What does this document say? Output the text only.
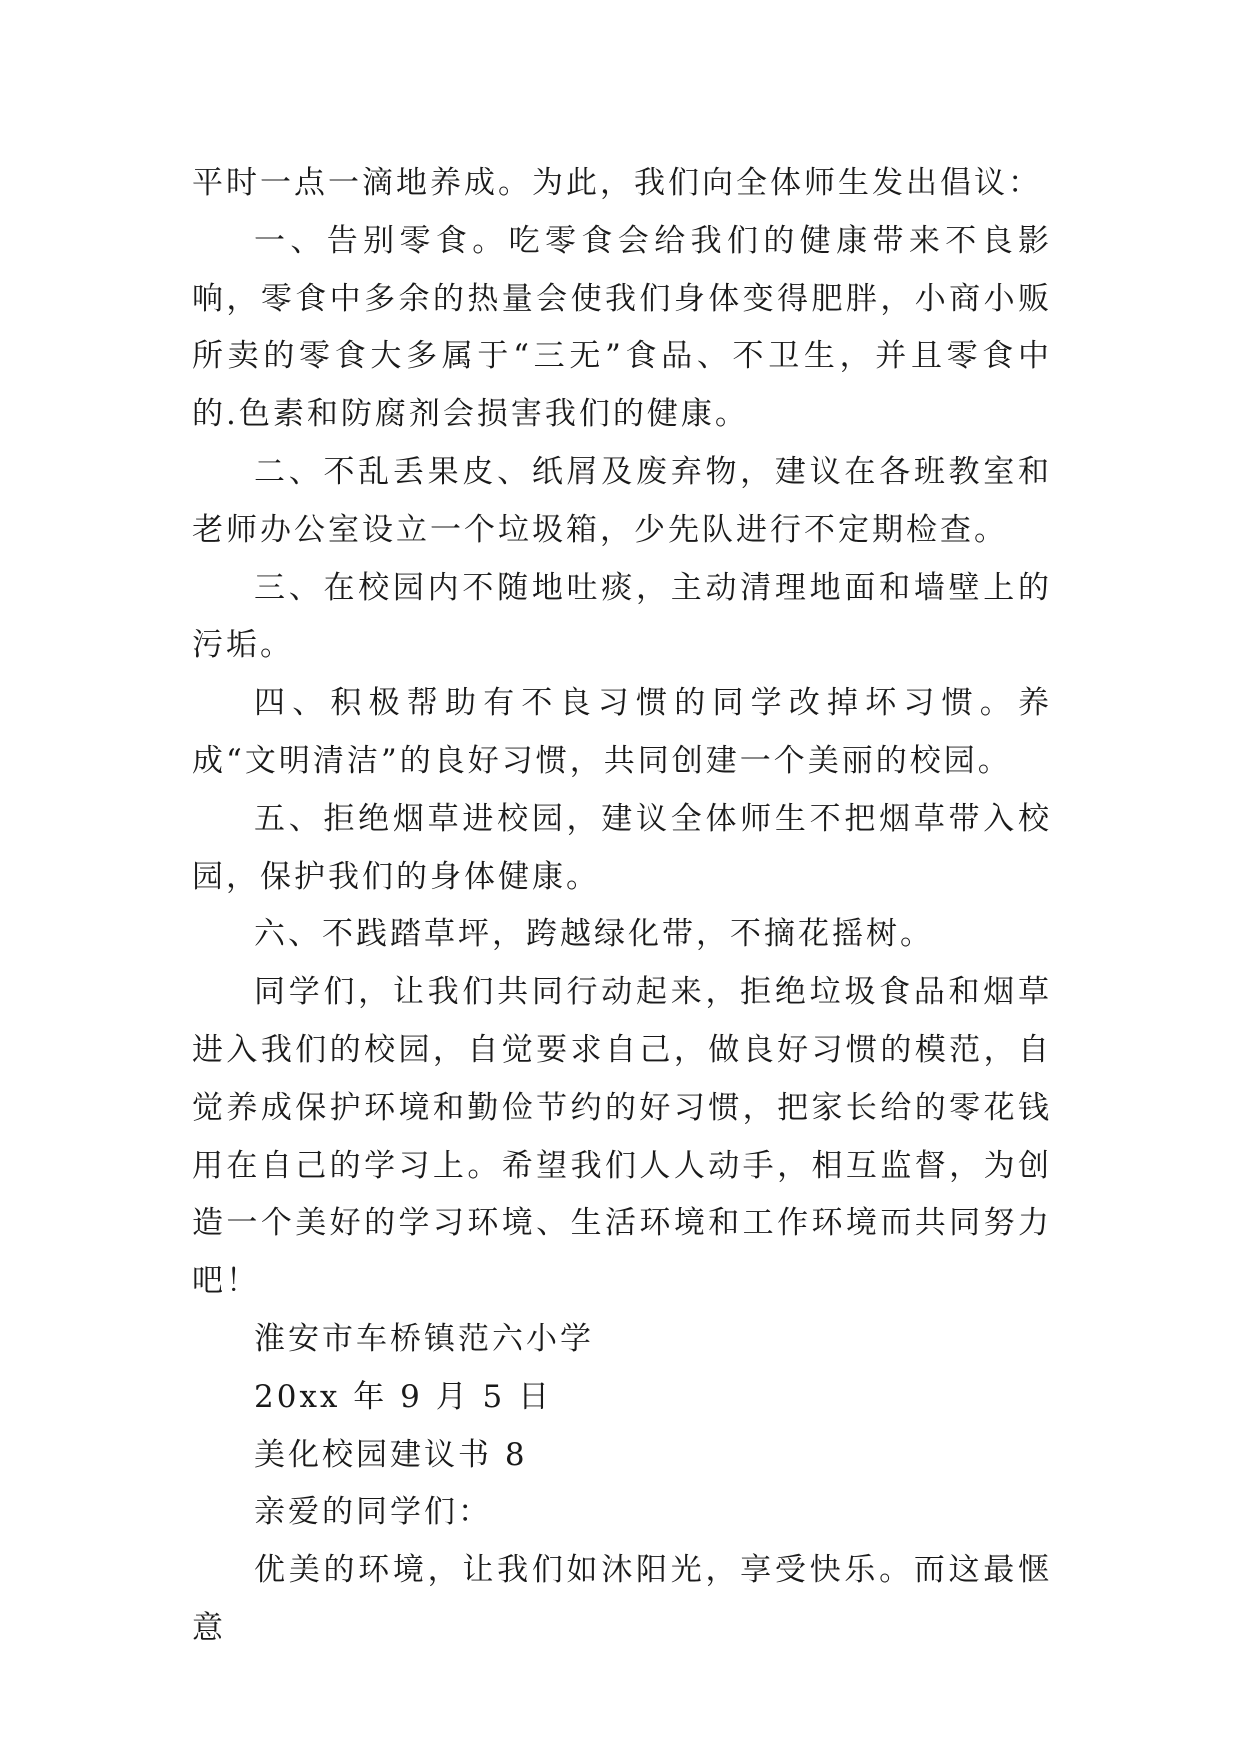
平时一点一滴地养成。为此，我们向全体师生发出倡议：

一、告别零食。吃零食会给我们的健康带来不良影响，零食中多余的热量会使我们身体变得肥胖，小商小贩所卖的零食大多属于“三无”食品、不卫生，并且零食中的.色素和防腐剂会损害我们的健康。

二、不乱丢果皮、纸屑及废弃物，建议在各班教室和老师办公室设立一个垃圾箱，少先队进行不定期检查。

三、在校园内不随地吐痰，主动清理地面和墙壁上的污垢。

四、积极帮助有不良习惯的同学改掉坏习惯。养成“文明清洁”的良好习惯，共同创建一个美丽的校园。

五、拒绝烟草进校园，建议全体师生不把烟草带入校园，保护我们的身体健康。

六、不践踏草坪，跨越绿化带，不摘花摇树。

同学们，让我们共同行动起来，拒绝垃圾食品和烟草进入我们的校园，自觉要求自己，做良好习惯的模范，自觉养成保护环境和勤俭节约的好习惯，把家长给的零花钱用在自己的学习上。希望我们人人动手，相互监督，为创造一个美好的学习环境、生活环境和工作环境而共同努力吧！

淮安市车桥镇范六小学

20xx 年 9 月 5 日

美化校园建议书 8

亲爱的同学们：

优美的环境，让我们如沐阳光，享受快乐。而这最惬意
